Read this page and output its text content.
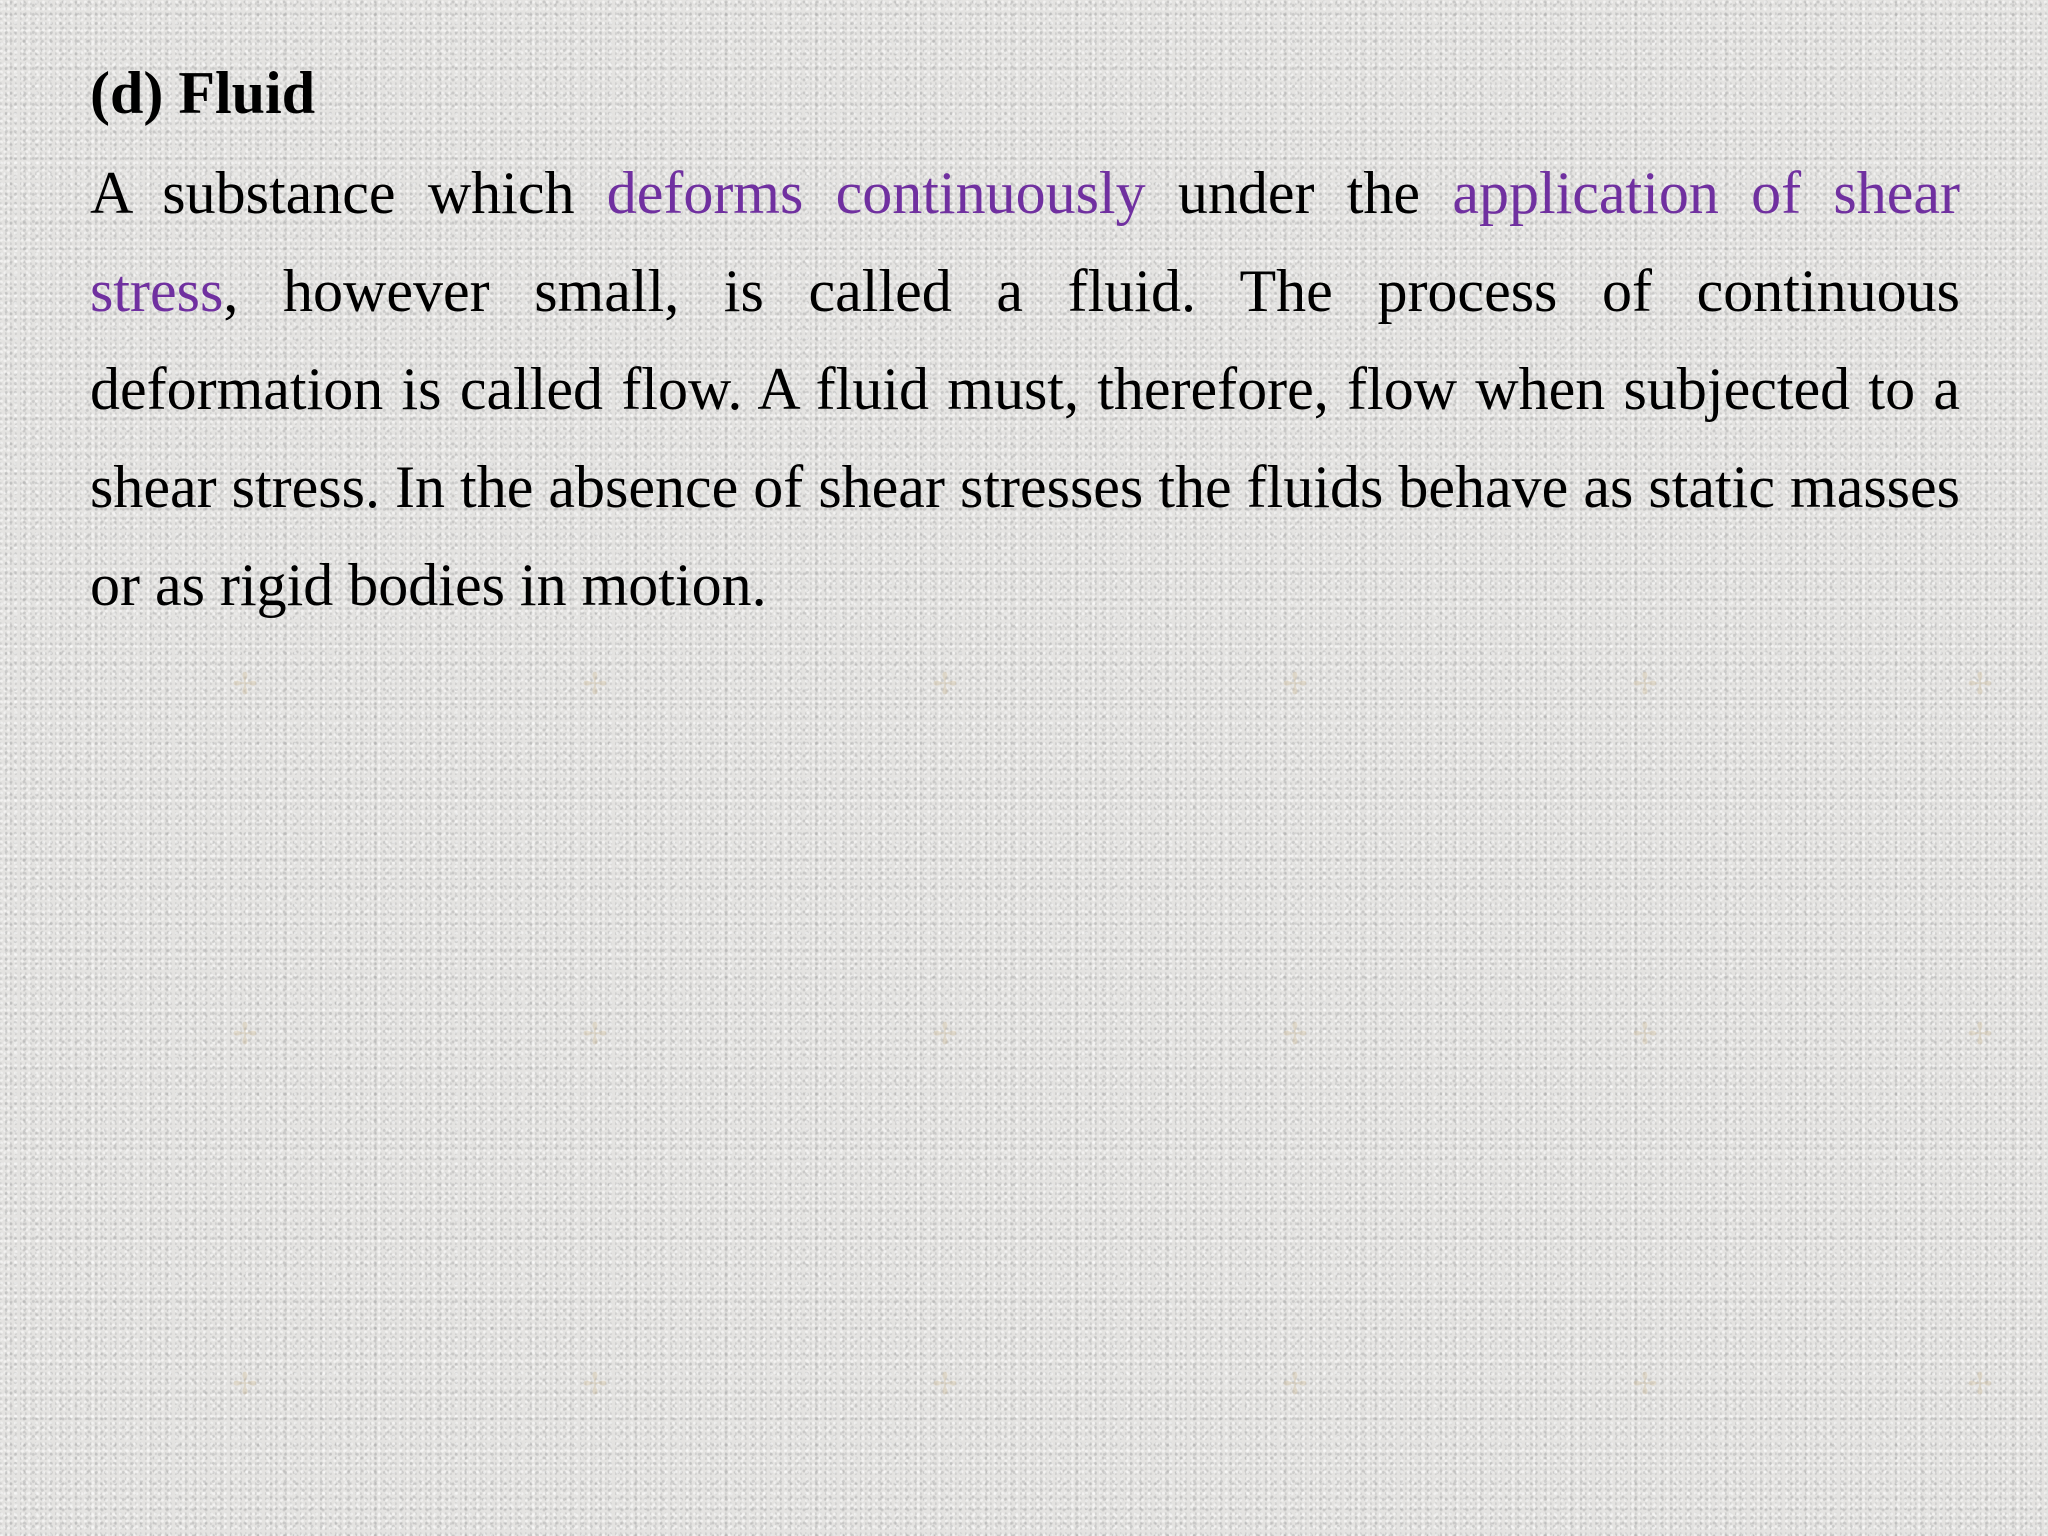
✢	✢	✢	✢	✢	✢
✢	✢	✢	✢	✢	✢
✢	✢	✢	✢	✢	✢
(d) Fluid

A substance which deforms continuously under the application of shear stress, however small, is called a fluid. The process of continuous deformation is called flow. A fluid must, therefore, flow when subjected to a shear stress. In the absence of shear stresses the fluids behave as static masses or as rigid bodies in motion.
